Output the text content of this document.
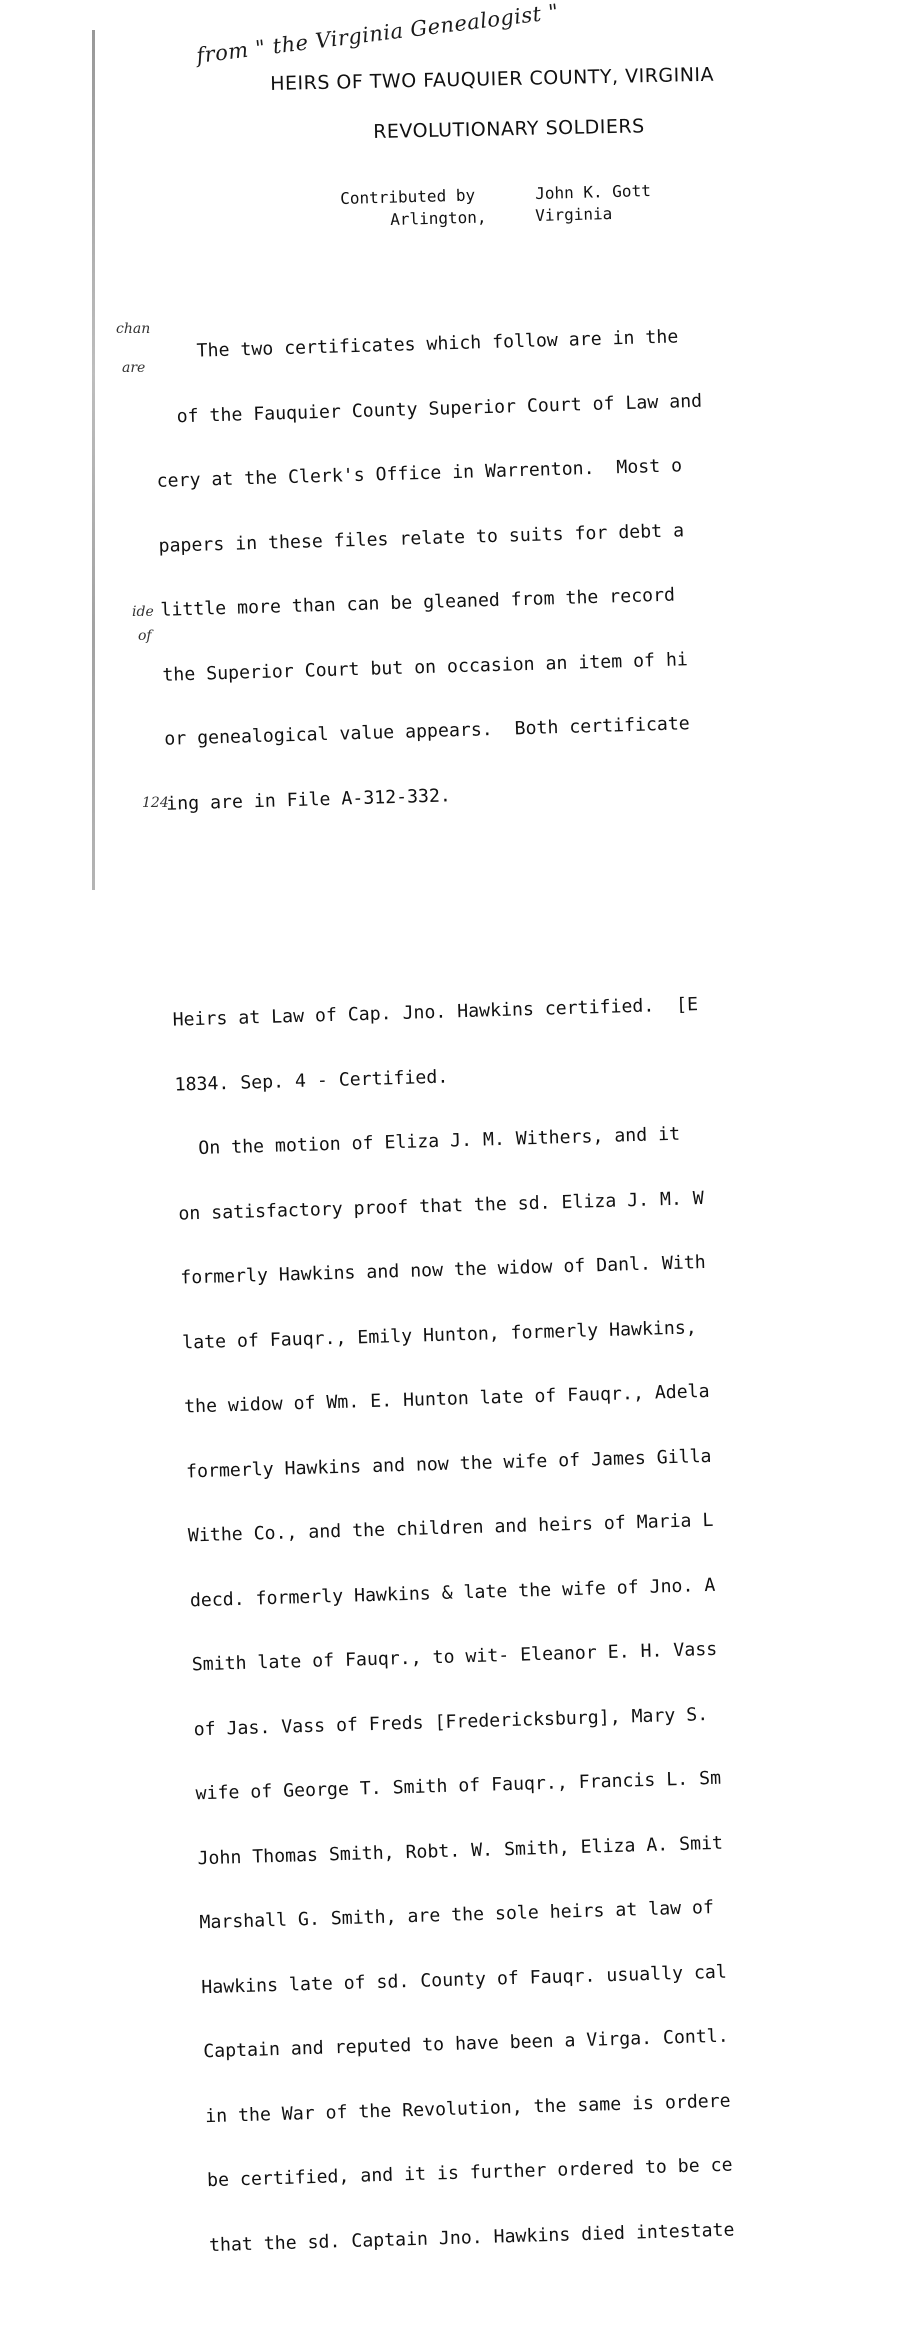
from " the Virginia Genealogist "
HEIRS OF TWO FAUQUIER COUNTY, VIRGINIA
REVOLUTIONARY SOLDIERS
Contributed by	John K. Gott
Arlington,	Virginia
chan
are
ide
of
124

The two certificates which follow are in the

of the Fauquier County Superior Court of Law and

cery at the Clerk's Office in Warrenton.  Most o

papers in these files relate to suits for debt a

little more than can be gleaned from the record

the Superior Court but on occasion an item of hi

or genealogical value appears.  Both certificate

ing are in File A-312-332.

Heirs at Law of Cap. Jno. Hawkins certified.  [E

1834. Sep. 4 - Certified.

On the motion of Eliza J. M. Withers, and it

on satisfactory proof that the sd. Eliza J. M. W

formerly Hawkins and now the widow of Danl. With

late of Fauqr., Emily Hunton, formerly Hawkins,

the widow of Wm. E. Hunton late of Fauqr., Adela

formerly Hawkins and now the wife of James Gilla

Withe Co., and the children and heirs of Maria L

decd. formerly Hawkins & late the wife of Jno. A

Smith late of Fauqr., to wit- Eleanor E. H. Vass

of Jas. Vass of Freds [Fredericksburg], Mary S.

wife of George T. Smith of Fauqr., Francis L. Sm

John Thomas Smith, Robt. W. Smith, Eliza A. Smit

Marshall G. Smith, are the sole heirs at law of

Hawkins late of sd. County of Fauqr. usually cal

Captain and reputed to have been a Virga. Contl.

in the War of the Revolution, the same is ordere

be certified, and it is further ordered to be ce

that the sd. Captain Jno. Hawkins died intestate
